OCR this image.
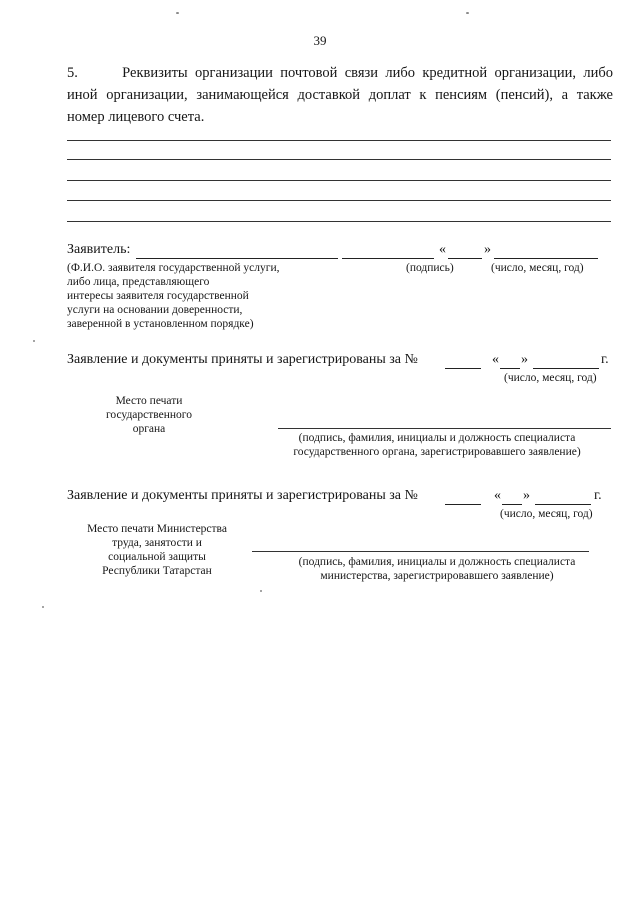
39
5.      Реквизиты организации почтовой связи либо кредитной организации, либо
иной организации, занимающейся доставкой доплат к пенсиям (пенсий), а также
номер лицевого счета.
Заявитель:	«	»
(Ф.И.О. заявителя государственной услуги,
либо лица, представляющего
интересы заявителя государственной
услуги на основании доверенности,
заверенной в установленном порядке)
(подпись)	(число, месяц, год)
Заявление и документы приняты и зарегистрированы за №	« »	г.
(число, месяц, год)
Место печати
государственного
органа
(подпись, фамилия, инициалы и должность специалиста
государственного органа, зарегистрировавшего заявление)
Заявление и документы приняты и зарегистрированы за №	« »	г.
(число, месяц, год)
Место печати Министерства
труда, занятости и
социальной защиты
Республики Татарстан
(подпись, фамилия, инициалы и должность специалиста
министерства, зарегистрировавшего заявление)
